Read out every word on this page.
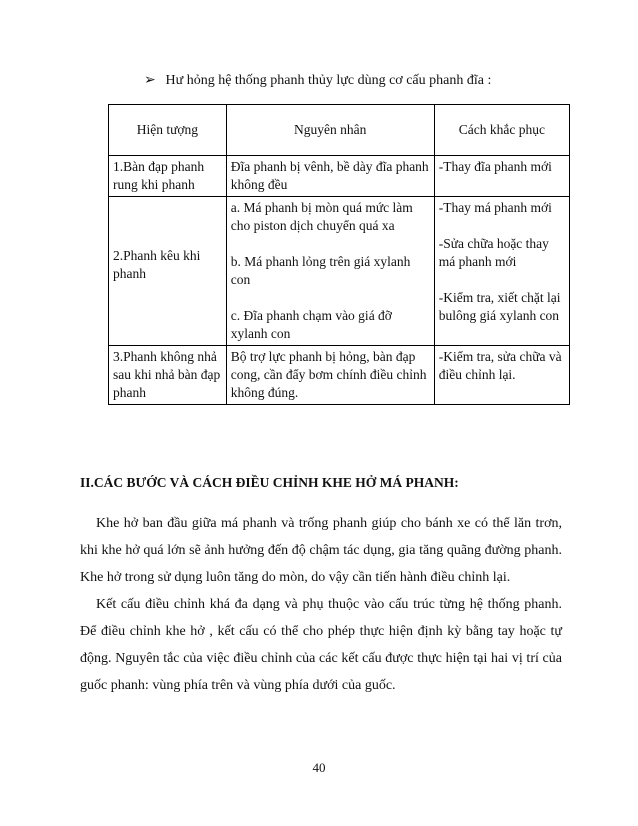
➢ Hư hỏng hệ thống phanh thủy lực dùng cơ cấu phanh đĩa :
Hiện tượng	Nguyên nhân	Cách khắc phục
1.Bàn đạp phanh rung khi phanh	Đĩa phanh bị vênh, bề dày đĩa phanh không đều	-Thay đĩa phanh mới
2.Phanh kêu khi phanh	a. Má phanh bị mòn quá mức làm cho piston dịch chuyển quá xa

b. Má phanh lỏng trên giá xylanh con

c. Đĩa phanh chạm vào giá đỡ xylanh con	-Thay má phanh mới

-Sửa chữa hoặc thay má phanh mới

-Kiểm tra, xiết chặt lại bulông giá xylanh con

3.Phanh không nhả sau khi nhả bàn đạp phanh	Bộ trợ lực phanh bị hỏng, bàn đạp cong, cần đẩy bơm chính điều chỉnh không đúng.	-Kiểm tra, sửa chữa và điều chỉnh lại.
II.CÁC BƯỚC VÀ CÁCH ĐIỀU CHỈNH KHE HỞ MÁ PHANH:

Khe hở ban đầu giữa má phanh và trống phanh giúp cho bánh xe có thể lăn trơn, khi khe hở quá lớn sẽ ảnh hưởng đến độ chậm tác dụng, gia tăng quãng đường phanh. Khe hở trong sử dụng luôn tăng do mòn, do vậy cần tiến hành điều chỉnh lại.

Kết cấu điều chỉnh khá đa dạng và phụ thuộc vào cấu trúc từng hệ thống phanh. Để điều chỉnh khe hở , kết cấu có thể cho phép thực hiện định kỳ bằng tay hoặc tự động. Nguyên tắc của việc điều chỉnh của các kết cấu được thực hiện tại hai vị trí của guốc phanh: vùng phía trên và vùng phía dưới của guốc.

40
